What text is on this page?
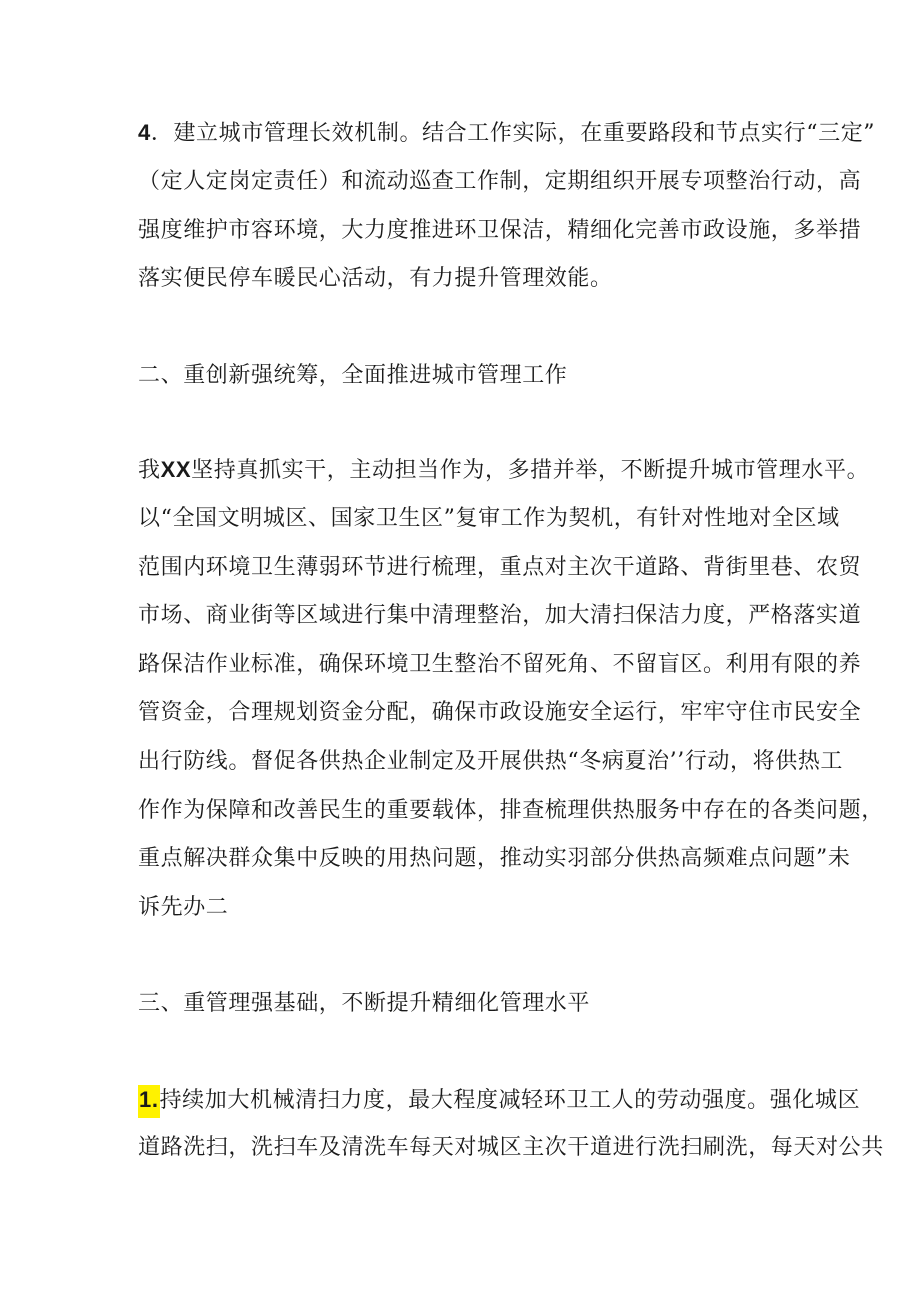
4．建立城市管理长效机制。结合工作实际，在重要路段和节点实行“三定”
（定人定岗定责任）和流动巡查工作制，定期组织开展专项整治行动，高
强度维护市容环境，大力度推进环卫保洁，精细化完善市政设施，多举措
落实便民停车暖民心活动，有力提升管理效能。
二、重创新强统筹，全面推进城市管理工作
我XX坚持真抓实干，主动担当作为，多措并举，不断提升城市管理水平。
以“全国文明城区、国家卫生区”复审工作为契机，有针对性地对全区域
范围内环境卫生薄弱环节进行梳理，重点对主次干道路、背街里巷、农贸
市场、商业街等区域进行集中清理整治，加大清扫保洁力度，严格落实道
路保洁作业标准，确保环境卫生整治不留死角、不留盲区。利用有限的养
管资金，合理规划资金分配，确保市政设施安全运行，牢牢守住市民安全
出行防线。督促各供热企业制定及开展供热“冬病夏治’’行动，将供热工
作作为保障和改善民生的重要载体，排查梳理供热服务中存在的各类问题，
重点解决群众集中反映的用热问题，推动实羽部分供热高频难点问题”未
诉先办二
三、重管理强基础，不断提升精细化管理水平
1.持续加大机械清扫力度，最大程度减轻环卫工人的劳动强度。强化城区
道路洗扫，洗扫车及清洗车每天对城区主次干道进行洗扫刷洗，每天对公共
